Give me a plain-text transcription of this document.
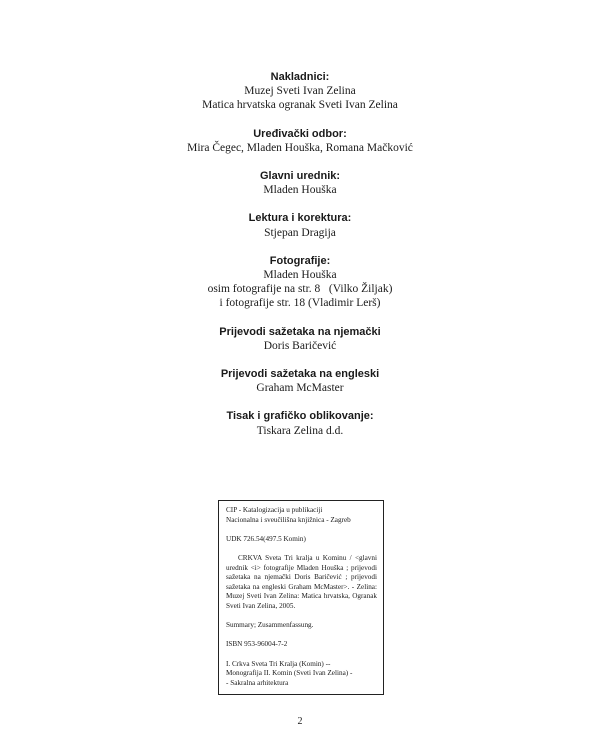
Nakladnici:
Muzej Sveti Ivan Zelina
Matica hrvatska ogranak Sveti Ivan Zelina
Uređivački odbor:
Mira Čegec, Mladen Houška, Romana Mačković
Glavni urednik:
Mladen Houška
Lektura i korektura:
Stjepan Dragija
Fotografije:
Mladen Houška
osim fotografije na str. 8   (Vilko Žiljak)
i fotografije str. 18 (Vladimir Lerš)
Prijevodi sažetaka na njemački
Doris Baričević
Prijevodi sažetaka na engleski
Graham McMaster
Tisak i grafičko oblikovanje:
Tiskara Zelina d.d.
CIP - Katalogizacija u publikaciji
Nacionalna i sveučilišna knjižnica - Zagreb
UDK 726.54(497.5 Komin)
CRKVA Sveta Tri kralja u Kominu / <glavni urednik <i> fotografije Mladen Houška ; prijevodi sažetaka na njemački Doris Baričević ; prijevodi sažetaka na engleski Graham McMaster>. - Zelina: Muzej Sveti Ivan Zelina: Matica hrvatska, Ogranak Sveti Ivan Zelina, 2005.
Summary; Zusammenfassung.
ISBN 953-96004-7-2
I. Crkva Sveta Tri Kralja (Komin) --
Monografija II. Komin (Sveti Ivan Zelina) -
- Sakralna arhitektura
2
